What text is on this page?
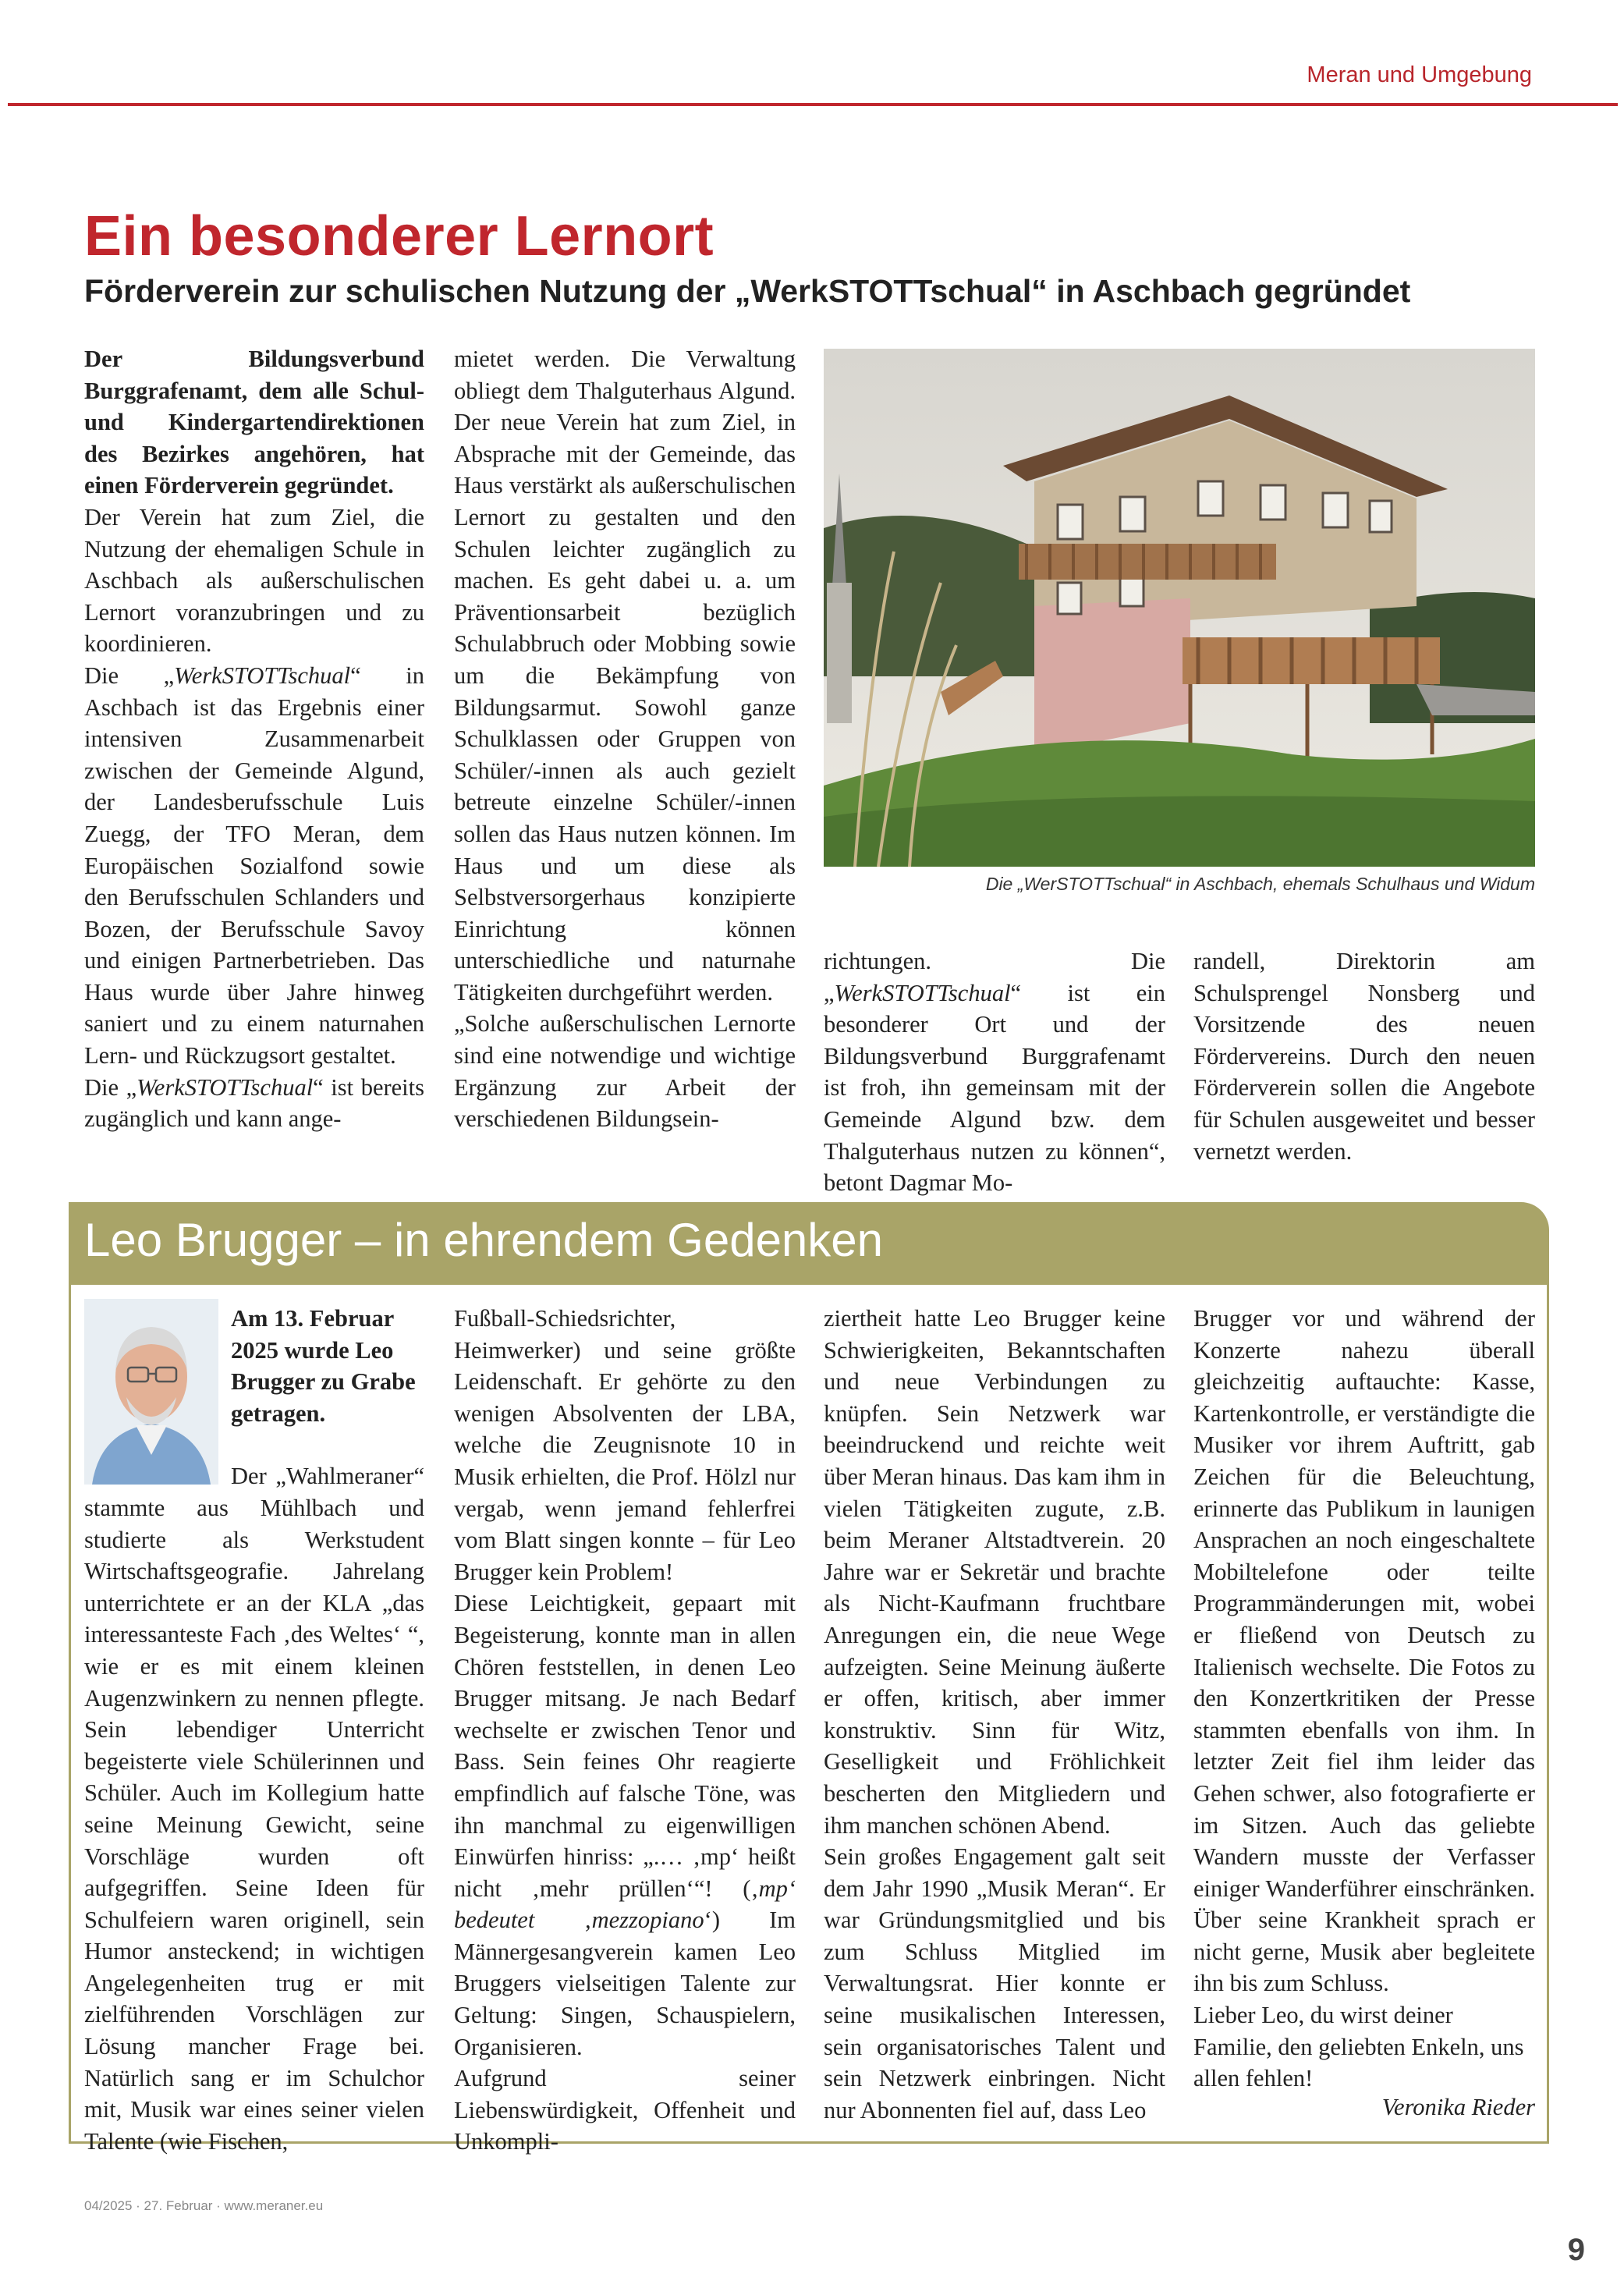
Meran und Umgebung
Ein besonderer Lernort
Förderverein zur schulischen Nutzung der „WerkSTOTTschual“ in Aschbach gegründet

Der Bildungsverbund Burggrafenamt, dem alle Schul- und Kindergartendirektionen des Bezirkes angehören, hat einen Förderverein gegründet.

Der Verein hat zum Ziel, die Nutzung der ehemaligen Schule in Aschbach als außerschulischen Lernort voranzubringen und zu koordinieren.

Die „WerkSTOTTschual“ in Aschbach ist das Ergebnis einer intensiven Zusammenarbeit zwischen der Gemeinde Algund, der Landesberufsschule Luis Zuegg, der TFO Meran, dem Europäischen Sozialfond sowie den Berufsschulen Schlanders und Bozen, der Berufsschule Savoy und einigen Partnerbetrieben. Das Haus wurde über Jahre hinweg saniert und zu einem naturnahen Lern- und Rückzugsort gestaltet.

Die „WerkSTOTTschual“ ist bereits zugänglich und kann ange-

mietet werden. Die Verwaltung obliegt dem Thalguterhaus Algund. Der neue Verein hat zum Ziel, in Absprache mit der Gemeinde, das Haus verstärkt als außerschulischen Lernort zu gestalten und den Schulen leichter zugänglich zu machen. Es geht dabei u. a. um Präventionsarbeit bezüglich Schulabbruch oder Mobbing sowie um die Bekämpfung von Bildungsarmut. Sowohl ganze Schulklassen oder Gruppen von Schüler/-innen als auch gezielt betreute einzelne Schüler/-innen sollen das Haus nutzen können. Im Haus und um diese als Selbstversorgerhaus konzipierte Einrichtung können unterschiedliche und naturnahe Tätigkeiten durchgeführt werden.

„Solche außerschulischen Lernorte sind eine notwendige und wichtige Ergänzung zur Arbeit der verschiedenen Bildungsein-

Die „WerSTOTTschual“ in Aschbach, ehemals Schulhaus und Widum

richtungen. Die „WerkSTOTTschual“ ist ein besonderer Ort und der Bildungsverbund Burggrafenamt ist froh, ihn gemeinsam mit der Gemeinde Algund bzw. dem Thalguterhaus nutzen zu können“, betont Dagmar Mo-

randell, Direktorin am Schulsprengel Nonsberg und Vorsitzende des neuen Fördervereins. Durch den neuen Förderverein sollen die Angebote für Schulen ausgeweitet und besser vernetzt werden.

Leo Brugger – in ehrendem Gedenken

Am 13. Februar 2025 wurde Leo Brugger zu Grabe getragen.

Der „Wahlmeraner“ stammte aus Mühlbach und studierte als Werkstudent Wirtschaftsgeografie. Jahrelang unterrichtete er an der KLA „das interessanteste Fach ‚des Weltes‘ “, wie er es mit einem kleinen Augenzwinkern zu nennen pflegte. Sein lebendiger Unterricht begeisterte viele Schülerinnen und Schüler. Auch im Kollegium hatte seine Meinung Gewicht, seine Vorschläge wurden oft aufgegriffen. Seine Ideen für Schulfeiern waren originell, sein Humor ansteckend; in wichtigen Angelegenheiten trug er mit zielführenden Vorschlägen zur Lösung mancher Frage bei. Natürlich sang er im Schulchor mit, Musik war eines seiner vielen Talente (wie Fischen,

Fußball-Schiedsrichter, Heimwerker) und seine größte Leidenschaft. Er gehörte zu den wenigen Absolventen der LBA, welche die Zeugnisnote 10 in Musik erhielten, die Prof. Hölzl nur vergab, wenn jemand fehlerfrei vom Blatt singen konnte – für Leo Brugger kein Problem!

Diese Leichtigkeit, gepaart mit Begeisterung, konnte man in allen Chören feststellen, in denen Leo Brugger mitsang. Je nach Bedarf wechselte er zwischen Tenor und Bass. Sein feines Ohr reagierte empfindlich auf falsche Töne, was ihn manchmal zu eigenwilligen Einwürfen hinriss: „.… ‚mp‘ heißt nicht ‚mehr prüllen‘“! (‚mp‘ bedeutet ‚mezzopiano‘) Im Männergesangverein kamen Leo Bruggers vielseitigen Talente zur Geltung: Singen, Schauspielern, Organisieren.

Aufgrund seiner Liebenswürdigkeit, Offenheit und Unkompli-

ziertheit hatte Leo Brugger keine Schwierigkeiten, Bekanntschaften und neue Verbindungen zu knüpfen. Sein Netzwerk war beeindruckend und reichte weit über Meran hinaus. Das kam ihm in vielen Tätigkeiten zugute, z.B. beim Meraner Altstadtverein. 20 Jahre war er Sekretär und brachte als Nicht-Kaufmann fruchtbare Anregungen ein, die neue Wege aufzeigten. Seine Meinung äußerte er offen, kritisch, aber immer konstruktiv. Sinn für Witz, Geselligkeit und Fröhlichkeit bescherten den Mitgliedern und ihm manchen schönen Abend.

Sein großes Engagement galt seit dem Jahr 1990 „Musik Meran“. Er war Gründungsmitglied und bis zum Schluss Mitglied im Verwaltungsrat. Hier konnte er seine musikalischen Interessen, sein organisatorisches Talent und sein Netzwerk einbringen. Nicht nur Abonnenten fiel auf, dass Leo

Brugger vor und während der Konzerte nahezu überall gleichzeitig auftauchte: Kasse, Kartenkontrolle, er verständigte die Musiker vor ihrem Auftritt, gab Zeichen für die Beleuchtung, erinnerte das Publikum in launigen Ansprachen an noch eingeschaltete Mobiltelefone oder teilte Programmänderungen mit, wobei er fließend von Deutsch zu Italienisch wechselte. Die Fotos zu den Konzertkritiken der Presse stammten ebenfalls von ihm. In letzter Zeit fiel ihm leider das Gehen schwer, also fotografierte er im Sitzen. Auch das geliebte Wandern musste der Verfasser einiger Wanderführer einschränken. Über seine Krankheit sprach er nicht gerne, Musik aber begleitete ihn bis zum Schluss.

Lieber Leo, du wirst deiner Familie, den geliebten Enkeln, uns allen fehlen!

Veronika Rieder
04/2025 · 27. Februar · www.meraner.eu
9
